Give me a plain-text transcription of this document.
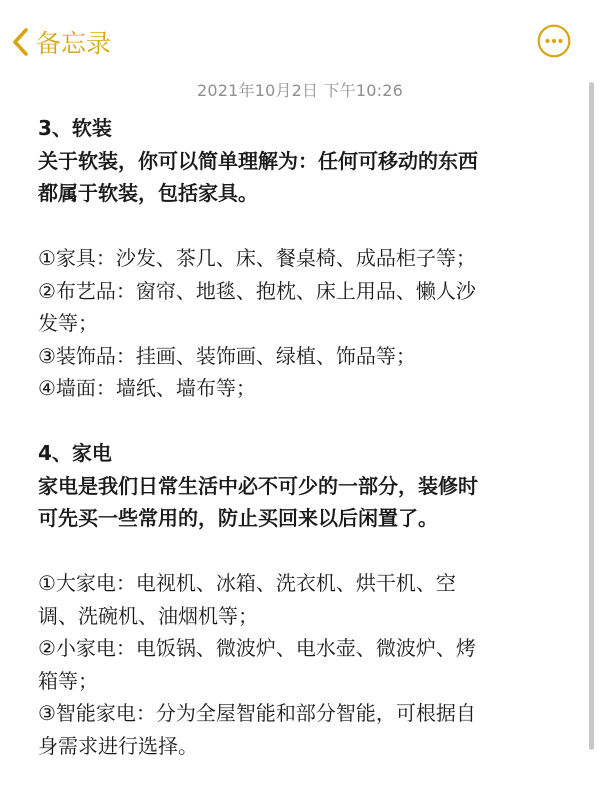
备忘录
2021年10月2日 下午10:26
3、软装
关于软装，你可以简单理解为：任何可移动的东西
都属于软装，包括家具。
①家具：沙发、茶几、床、餐桌椅、成品柜子等；
②布艺品：窗帘、地毯、抱枕、床上用品、懒人沙
发等；
③装饰品：挂画、装饰画、绿植、饰品等；
④墙面：墙纸、墙布等；
4、家电
家电是我们日常生活中必不可少的一部分，装修时
可先买一些常用的，防止买回来以后闲置了。
①大家电：电视机、冰箱、洗衣机、烘干机、空
调、洗碗机、油烟机等；
②小家电：电饭锅、微波炉、电水壶、微波炉、烤
箱等；
③智能家电：分为全屋智能和部分智能，可根据自
身需求进行选择。
